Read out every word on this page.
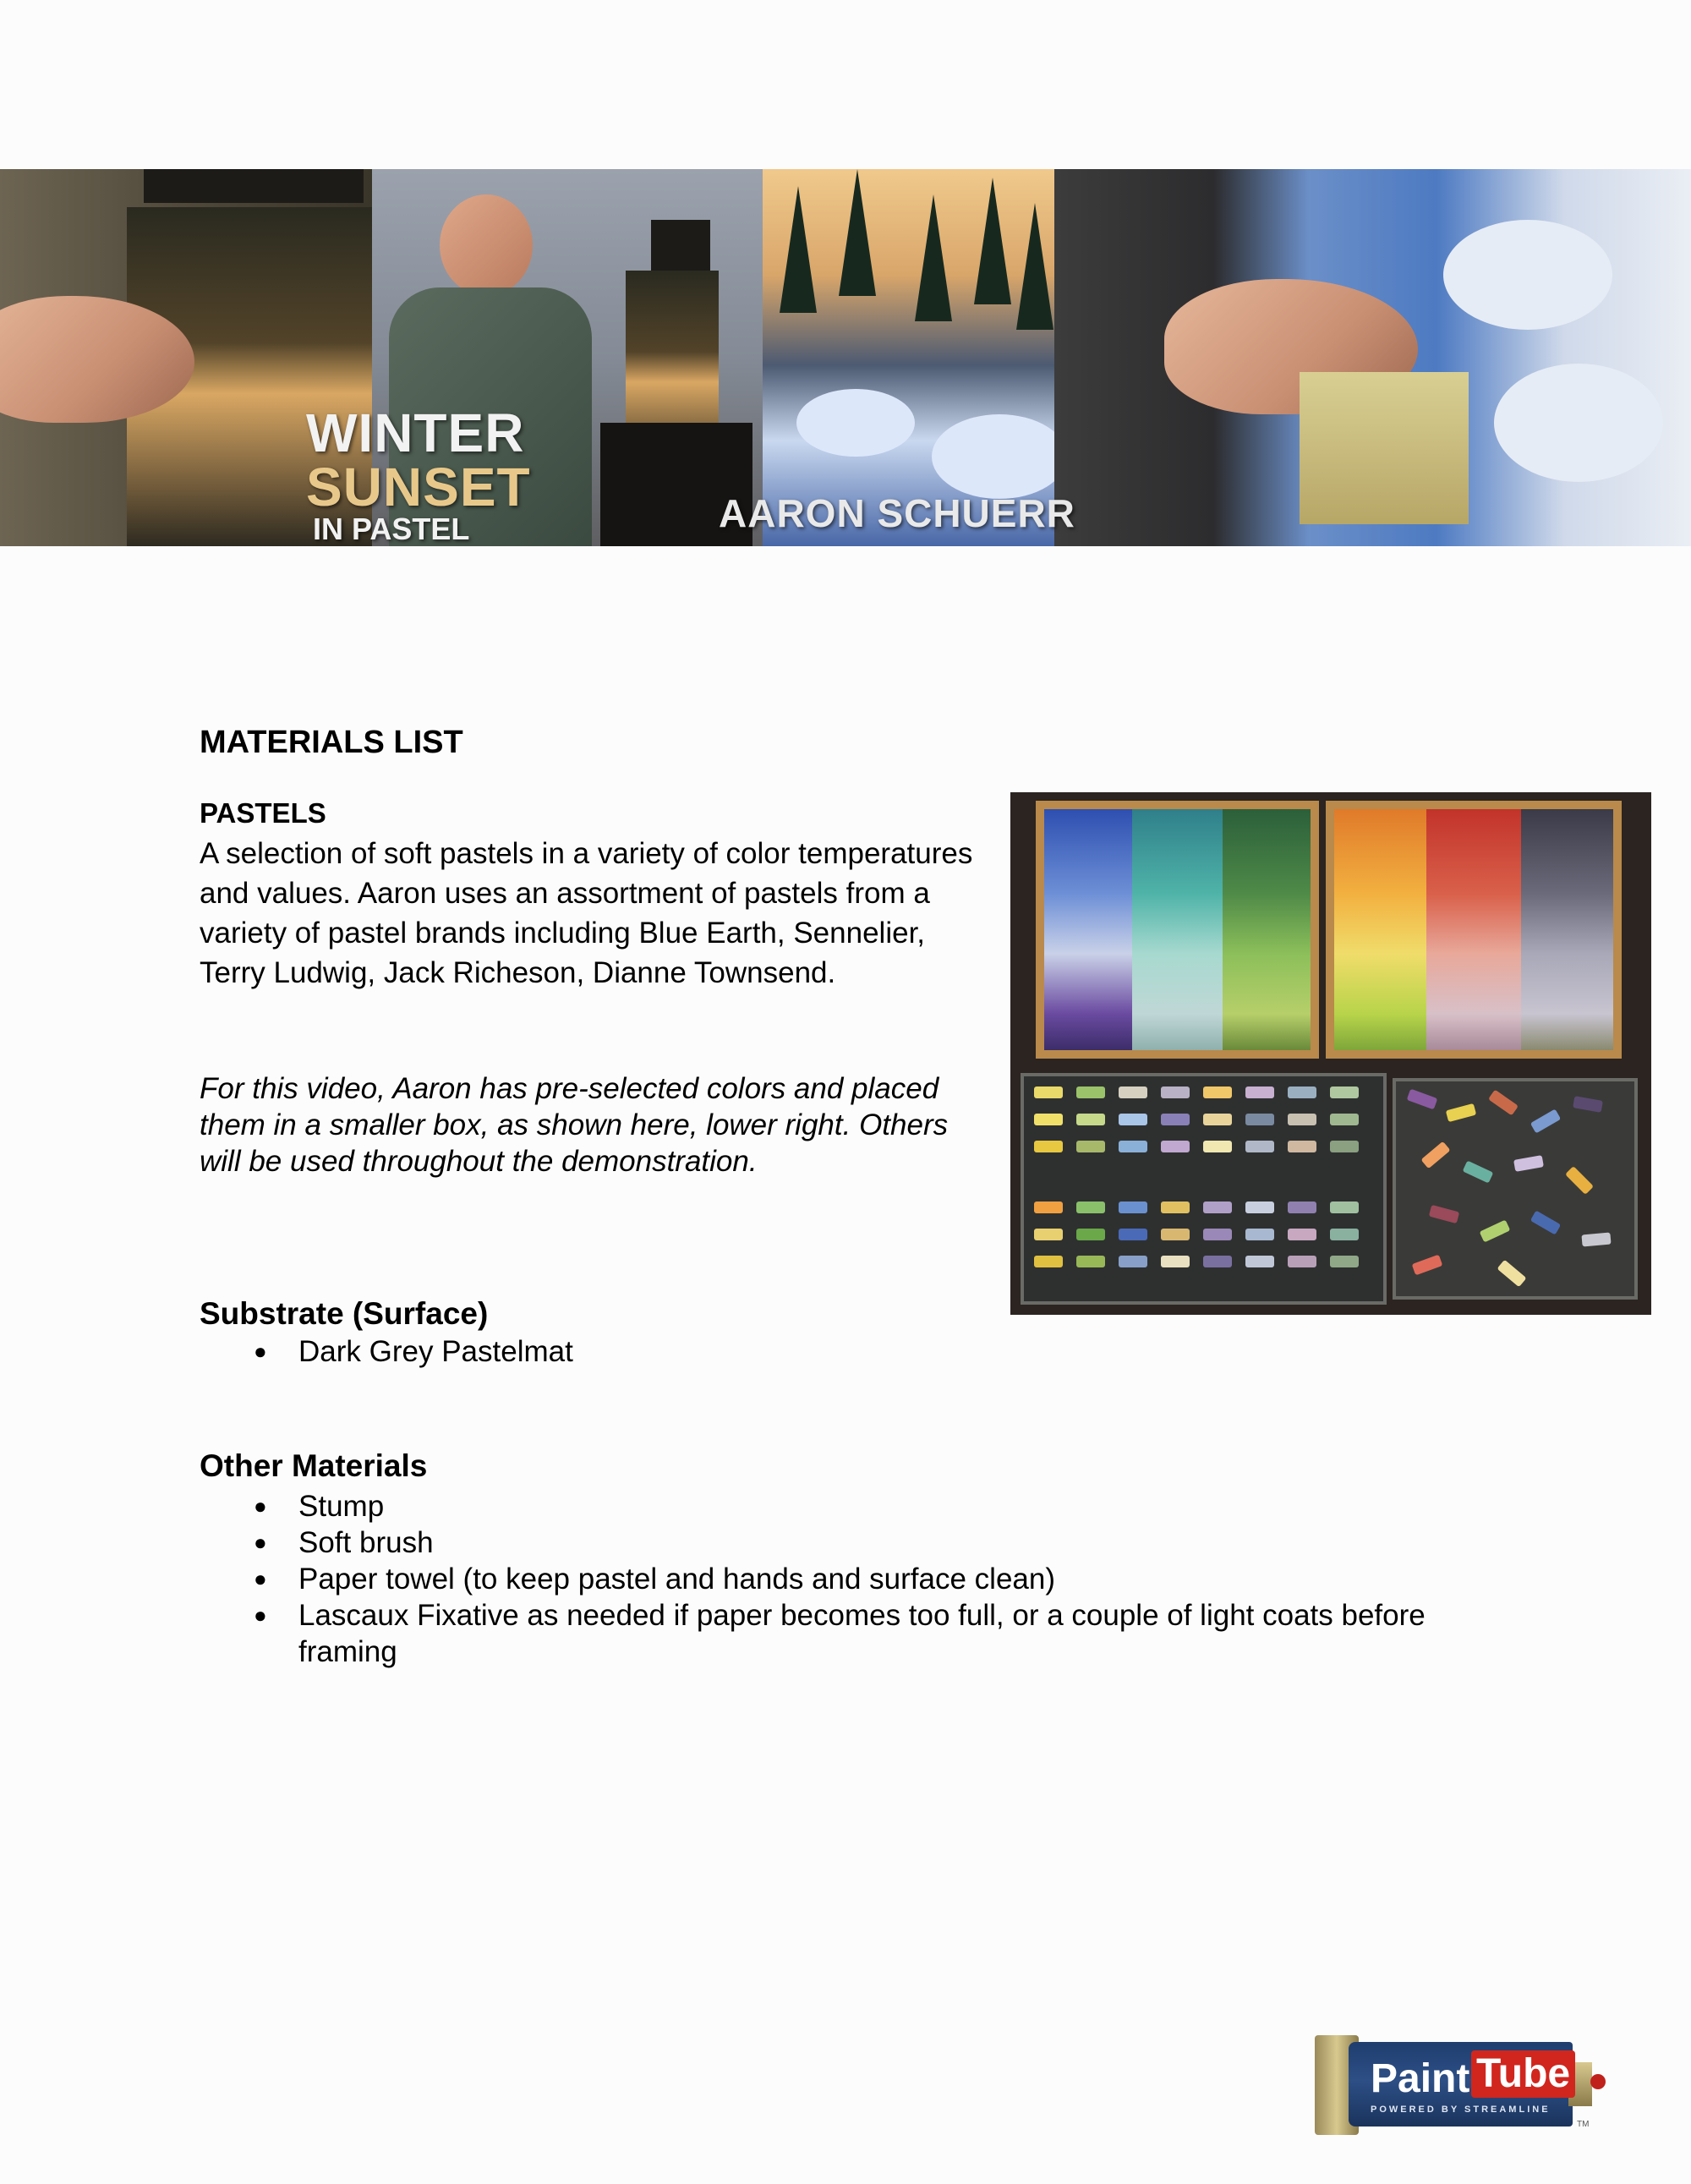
WINTER
SUNSET
IN PASTEL	AARON SCHUERR
MATERIALS LIST
PASTELS

A selection of soft pastels in a variety of color temperatures and values. Aaron uses an assortment of pastels from a variety of pastel brands including Blue Earth, Sennelier, Terry Ludwig, Jack Richeson, Dianne Townsend.

For this video, Aaron has pre-selected colors and placed them in a smaller box, as shown here, lower right. Others will be used throughout the demonstration.

Substrate (Surface)
● Dark Grey Pastelmat
Other Materials
● Stump
● Soft brush
● Paper towel (to keep pastel and hands and surface clean)
● Lascaux Fixative as needed if paper becomes too full, or a couple of light coats before framing
Paint Tube
POWERED BY STREAMLINE
TM
